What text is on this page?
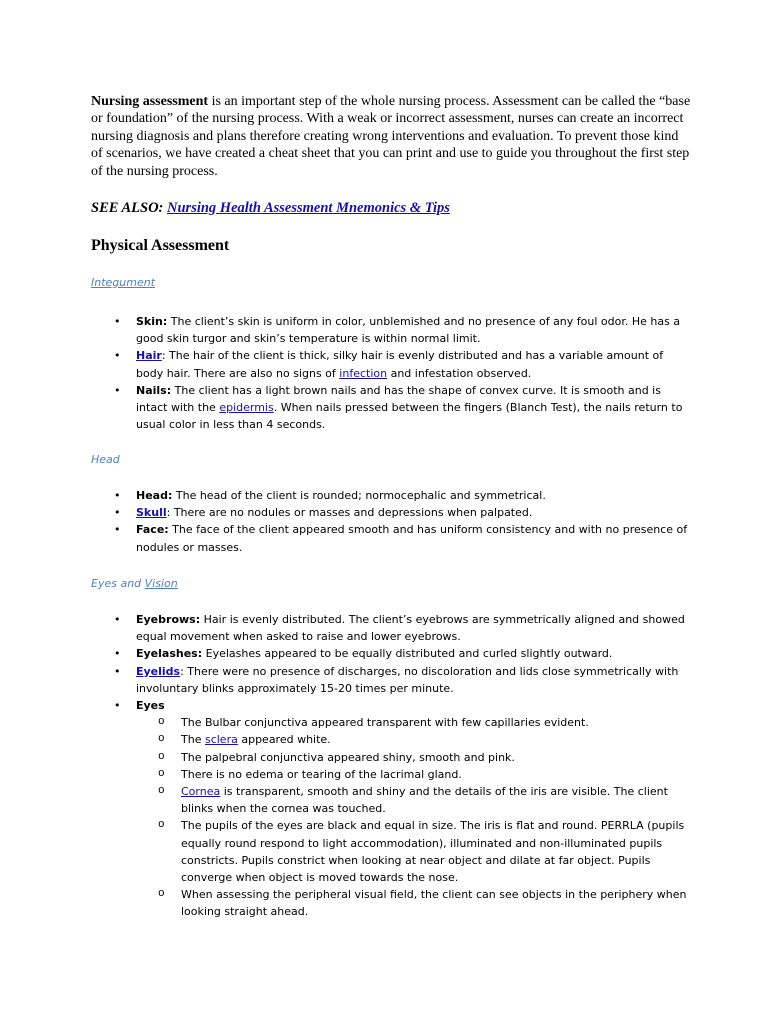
Nursing assessment is an important step of the whole nursing process. Assessment can be called the “base or foundation” of the nursing process. With a weak or incorrect assessment, nurses can create an incorrect nursing diagnosis and plans therefore creating wrong interventions and evaluation. To prevent those kind of scenarios, we have created a cheat sheet that you can print and use to guide you throughout the first step of the nursing process.

SEE ALSO: Nursing Health Assessment Mnemonics & Tips

Physical Assessment

Integument

• Skin: The client’s skin is uniform in color, unblemished and no presence of any foul odor. He has a good skin turgor and skin’s temperature is within normal limit.
• Hair: The hair of the client is thick, silky hair is evenly distributed and has a variable amount of body hair. There are also no signs of infection and infestation observed.
• Nails: The client has a light brown nails and has the shape of convex curve. It is smooth and is intact with the epidermis. When nails pressed between the fingers (Blanch Test), the nails return to usual color in less than 4 seconds.

Head

• Head: The head of the client is rounded; normocephalic and symmetrical.
• Skull: There are no nodules or masses and depressions when palpated.
• Face: The face of the client appeared smooth and has uniform consistency and with no presence of nodules or masses.

Eyes and Vision

• Eyebrows: Hair is evenly distributed. The client’s eyebrows are symmetrically aligned and showed equal movement when asked to raise and lower eyebrows.
• Eyelashes: Eyelashes appeared to be equally distributed and curled slightly outward.
• Eyelids: There were no presence of discharges, no discoloration and lids close symmetrically with involuntary blinks approximately 15-20 times per minute.
• Eyes
o The Bulbar conjunctiva appeared transparent with few capillaries evident.
o The sclera appeared white.
o The palpebral conjunctiva appeared shiny, smooth and pink.
o There is no edema or tearing of the lacrimal gland.
o Cornea is transparent, smooth and shiny and the details of the iris are visible. The client blinks when the cornea was touched.
o The pupils of the eyes are black and equal in size. The iris is flat and round. PERRLA (pupils equally round respond to light accommodation), illuminated and non-illuminated pupils constricts. Pupils constrict when looking at near object and dilate at far object. Pupils converge when object is moved towards the nose.
o When assessing the peripheral visual field, the client can see objects in the periphery when looking straight ahead.
